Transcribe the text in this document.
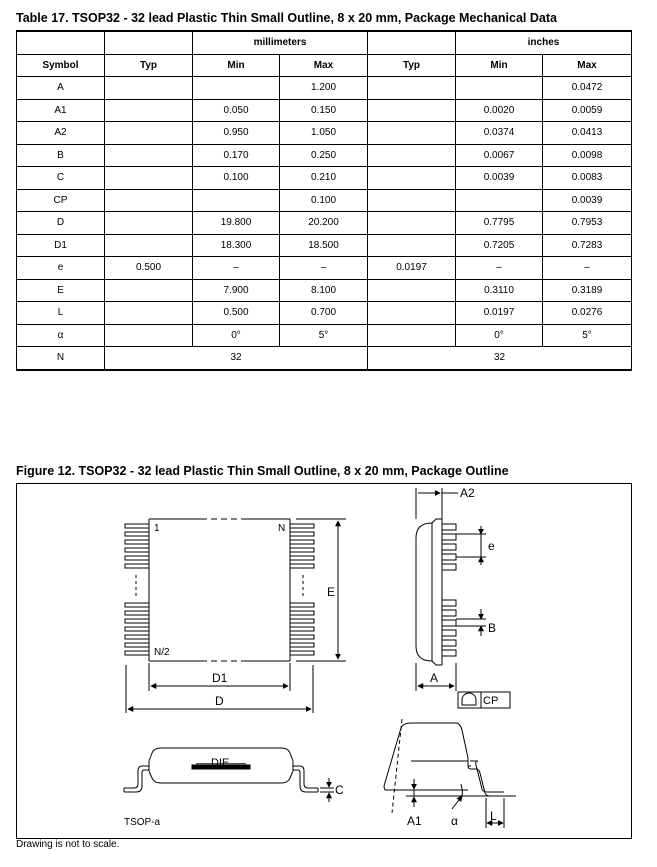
Table 17. TSOP32 - 32 lead Plastic Thin Small Outline, 8 x 20 mm, Package Mechanical Data
		millimeters			inches	
Symbol	Typ	Min	Max	Typ	Min	Max
A			1.200			0.0472
A1		0.050	0.150		0.0020	0.0059
A2		0.950	1.050		0.0374	0.0413
B		0.170	0.250		0.0067	0.0098
C		0.100	0.210		0.0039	0.0083
CP			0.100			0.0039
D		19.800	20.200		0.7795	0.7953
D1		18.300	18.500		0.7205	0.7283
e	0.500	–	–	0.0197	–	–
E		7.900	8.100		0.3110	0.3189
L		0.500	0.700		0.0197	0.0276
α		0°	5°		0°	5°
N	32			32		
Figure 12. TSOP32 - 32 lead Plastic Thin Small Outline, 8 x 20 mm, Package Outline
1	N
N/2
E
D1
D
A2
e
B
A
CP
DIE
C
TSOP-a	A1 α	L
Drawing is not to scale.
